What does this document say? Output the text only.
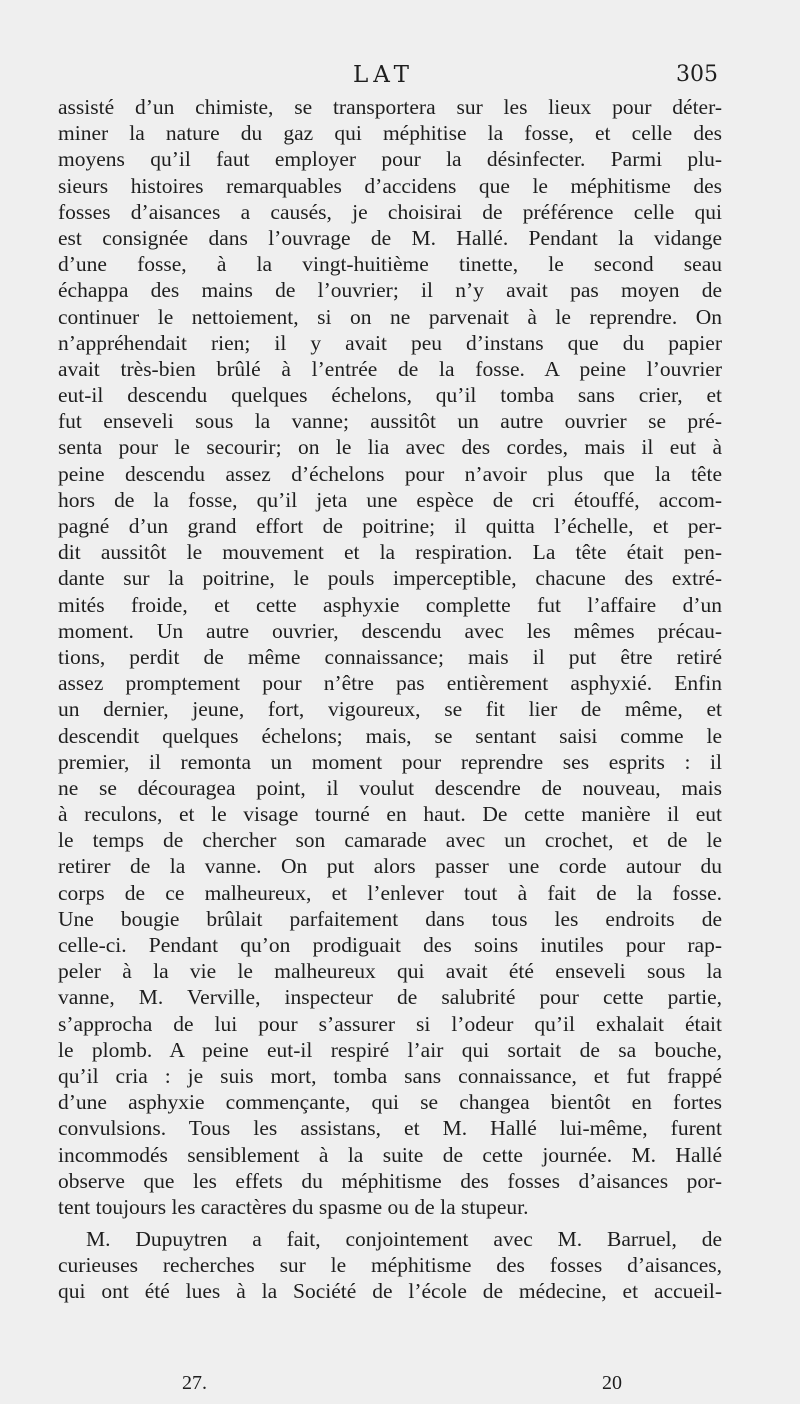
LAT	305
assisté d’un chimiste, se transportera sur les lieux pour déter-
miner la nature du gaz qui méphitise la fosse, et celle des
moyens qu’il faut employer pour la désinfecter. Parmi plu-
sieurs histoires remarquables d’accidens que le méphitisme des
fosses d’aisances a causés, je choisirai de préférence celle qui
est consignée dans l’ouvrage de M. Hallé. Pendant la vidange
d’une fosse, à la vingt-huitième tinette, le second seau
échappa des mains de l’ouvrier; il n’y avait pas moyen de
continuer le nettoiement, si on ne parvenait à le reprendre. On
n’appréhendait rien; il y avait peu d’instans que du papier
avait très-bien brûlé à l’entrée de la fosse. A peine l’ouvrier
eut-il descendu quelques échelons, qu’il tomba sans crier, et
fut enseveli sous la vanne; aussitôt un autre ouvrier se pré-
senta pour le secourir; on le lia avec des cordes, mais il eut à
peine descendu assez d’échelons pour n’avoir plus que la tête
hors de la fosse, qu’il jeta une espèce de cri étouffé, accom-
pagné d’un grand effort de poitrine; il quitta l’échelle, et per-
dit aussitôt le mouvement et la respiration. La tête était pen-
dante sur la poitrine, le pouls imperceptible, chacune des extré-
mités froide, et cette asphyxie complette fut l’affaire d’un
moment. Un autre ouvrier, descendu avec les mêmes précau-
tions, perdit de même connaissance; mais il put être retiré
assez promptement pour n’être pas entièrement asphyxié. Enfin
un dernier, jeune, fort, vigoureux, se fit lier de même, et
descendit quelques échelons; mais, se sentant saisi comme le
premier, il remonta un moment pour reprendre ses esprits : il
ne se découragea point, il voulut descendre de nouveau, mais
à reculons, et le visage tourné en haut. De cette manière il eut
le temps de chercher son camarade avec un crochet, et de le
retirer de la vanne. On put alors passer une corde autour du
corps de ce malheureux, et l’enlever tout à fait de la fosse.
Une bougie brûlait parfaitement dans tous les endroits de
celle-ci. Pendant qu’on prodiguait des soins inutiles pour rap-
peler à la vie le malheureux qui avait été enseveli sous la
vanne, M. Verville, inspecteur de salubrité pour cette partie,
s’approcha de lui pour s’assurer si l’odeur qu’il exhalait était
le plomb. A peine eut-il respiré l’air qui sortait de sa bouche,
qu’il cria : je suis mort, tomba sans connaissance, et fut frappé
d’une asphyxie commençante, qui se changea bientôt en fortes
convulsions. Tous les assistans, et M. Hallé lui-même, furent
incommodés sensiblement à la suite de cette journée. M. Hallé
observe que les effets du méphitisme des fosses d’aisances por-
tent toujours les caractères du spasme ou de la stupeur.
M. Dupuytren a fait, conjointement avec M. Barruel, de
curieuses recherches sur le méphitisme des fosses d’aisances,
qui ont été lues à la Société de l’école de médecine, et accueil-
27.	20
